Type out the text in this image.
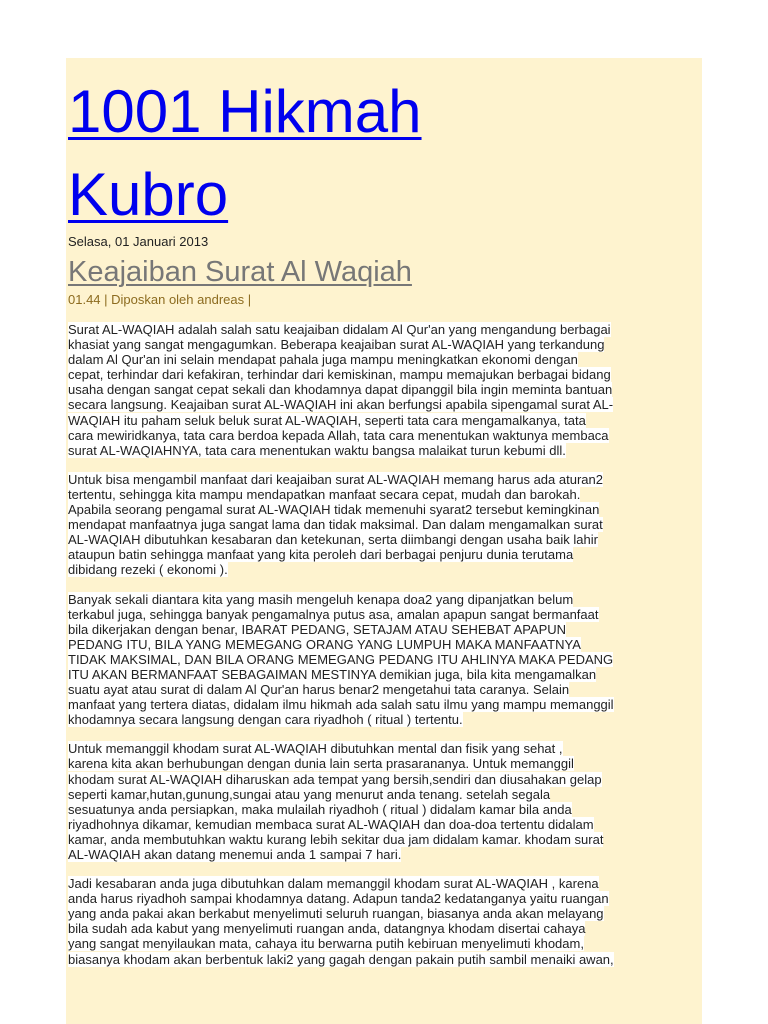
1001 Hikmah
Kubro
Selasa, 01 Januari 2013
Keajaiban Surat Al Waqiah
01.44 | Diposkan oleh andreas |

Surat AL-WAQIAH adalah salah satu keajaiban didalam Al Qur'an yang mengandung berbagai
khasiat yang sangat mengagumkan. Beberapa keajaiban surat AL-WAQIAH yang terkandung
dalam Al Qur'an ini selain mendapat pahala juga mampu meningkatkan ekonomi dengan
cepat, terhindar dari kefakiran, terhindar dari kemiskinan, mampu memajukan berbagai bidang
usaha dengan sangat cepat sekali dan khodamnya dapat dipanggil bila ingin meminta bantuan
secara langsung. Keajaiban surat AL-WAQIAH ini akan berfungsi apabila sipengamal surat AL-
WAQIAH itu paham seluk beluk surat AL-WAQIAH, seperti tata cara mengamalkanya, tata
cara mewiridkanya, tata cara berdoa kepada Allah, tata cara menentukan waktunya membaca
surat AL-WAQIAHNYA, tata cara menentukan waktu bangsa malaikat turun kebumi dll.

Untuk bisa mengambil manfaat dari keajaiban surat AL-WAQIAH memang harus ada aturan2
tertentu, sehingga kita mampu mendapatkan manfaat secara cepat, mudah dan barokah.
Apabila seorang pengamal surat AL-WAQIAH tidak memenuhi syarat2 tersebut kemingkinan
mendapat manfaatnya juga sangat lama dan tidak maksimal. Dan dalam mengamalkan surat
AL-WAQIAH dibutuhkan kesabaran dan ketekunan, serta diimbangi dengan usaha baik lahir
ataupun batin sehingga manfaat yang kita peroleh dari berbagai penjuru dunia terutama
dibidang rezeki ( ekonomi ).

Banyak sekali diantara kita yang masih mengeluh kenapa doa2 yang dipanjatkan belum
terkabul juga, sehingga banyak pengamalnya putus asa, amalan apapun sangat bermanfaat
bila dikerjakan dengan benar, IBARAT PEDANG, SETAJAM ATAU SEHEBAT APAPUN
PEDANG ITU, BILA YANG MEMEGANG ORANG YANG LUMPUH MAKA MANFAATNYA
TIDAK MAKSIMAL, DAN BILA ORANG MEMEGANG PEDANG ITU AHLINYA MAKA PEDANG
ITU AKAN BERMANFAAT SEBAGAIMAN MESTINYA demikian juga, bila kita mengamalkan
suatu ayat atau surat di dalam Al Qur'an harus benar2 mengetahui tata caranya. Selain
manfaat yang tertera diatas, didalam ilmu hikmah ada salah satu ilmu yang mampu memanggil
khodamnya secara langsung dengan cara riyadhoh ( ritual ) tertentu.

Untuk memanggil khodam surat AL-WAQIAH dibutuhkan mental dan fisik yang sehat ,
karena kita akan berhubungan dengan dunia lain serta prasarananya. Untuk memanggil
khodam surat AL-WAQIAH diharuskan ada tempat yang bersih,sendiri dan diusahakan gelap
seperti kamar,hutan,gunung,sungai atau yang menurut anda tenang. setelah segala
sesuatunya anda persiapkan, maka mulailah riyadhoh ( ritual ) didalam kamar bila anda
riyadhohnya dikamar, kemudian membaca surat AL-WAQIAH dan doa-doa tertentu didalam
kamar, anda membutuhkan waktu kurang lebih sekitar dua jam didalam kamar. khodam surat
AL-WAQIAH akan datang menemui anda 1 sampai 7 hari.

Jadi kesabaran anda juga dibutuhkan dalam memanggil khodam surat AL-WAQIAH , karena
anda harus riyadhoh sampai khodamnya datang. Adapun tanda2 kedatanganya yaitu ruangan
yang anda pakai akan berkabut menyelimuti seluruh ruangan, biasanya anda akan melayang
bila sudah ada kabut yang menyelimuti ruangan anda, datangnya khodam disertai cahaya
yang sangat menyilaukan mata, cahaya itu berwarna putih kebiruan menyelimuti khodam,
biasanya khodam akan berbentuk laki2 yang gagah dengan pakain putih sambil menaiki awan,
